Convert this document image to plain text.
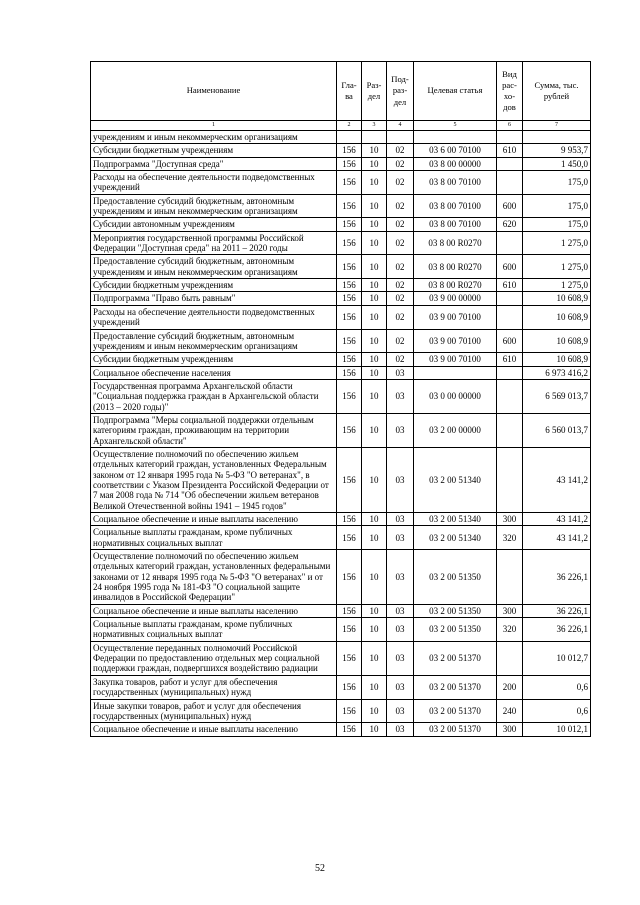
Наименование	Гла-ва	Раз-дел	Под-раз-дел	Целевая статья	Вид рас-хо-дов	Сумма, тыс. рублей
1	2	3	4	5	6	7
учреждениям и иным некоммерческим организациям						
Субсидии бюджетным учреждениям	156	10	02	03 6 00 70100	610	9 953,7
Подпрограмма "Доступная среда"	156	10	02	03 8 00 00000		1 450,0
Расходы на обеспечение деятельности подведомственных учреждений	156	10	02	03 8 00 70100		175,0
Предоставление субсидий бюджетным, автономным учреждениям и иным некоммерческим организациям	156	10	02	03 8 00 70100	600	175,0
Субсидии автономным учреждениям	156	10	02	03 8 00 70100	620	175,0
Мероприятия государственной программы Российской Федерации "Доступная среда" на 2011 – 2020 годы	156	10	02	03 8 00 R0270		1 275,0
Предоставление субсидий бюджетным, автономным учреждениям и иным некоммерческим организациям	156	10	02	03 8 00 R0270	600	1 275,0
Субсидии бюджетным учреждениям	156	10	02	03 8 00 R0270	610	1 275,0
Подпрограмма "Право быть равным"	156	10	02	03 9 00 00000		10 608,9
Расходы на обеспечение деятельности подведомственных учреждений	156	10	02	03 9 00 70100		10 608,9
Предоставление субсидий бюджетным, автономным учреждениям и иным некоммерческим организациям	156	10	02	03 9 00 70100	600	10 608,9
Субсидии бюджетным учреждениям	156	10	02	03 9 00 70100	610	10 608,9
Социальное обеспечение населения	156	10	03			6 973 416,2
Государственная программа Архангельской области "Социальная поддержка граждан в Архангельской области (2013 – 2020 годы)"	156	10	03	03 0 00 00000		6 569 013,7
Подпрограмма "Меры социальной поддержки отдельным категориям граждан, проживающим на территории Архангельской области"	156	10	03	03 2 00 00000		6 560 013,7
Осуществление полномочий по обеспечению жильем отдельных категорий граждан, установленных Федеральным законом от 12 января 1995 года № 5-ФЗ "О ветеранах", в соответствии с Указом Президента Российской Федерации от 7 мая 2008 года № 714 "Об обеспечении жильем ветеранов Великой Отечественной войны 1941 – 1945 годов"	156	10	03	03 2 00 51340		43 141,2
Социальное обеспечение и иные выплаты населению	156	10	03	03 2 00 51340	300	43 141,2
Социальные выплаты гражданам, кроме публичных нормативных социальных выплат	156	10	03	03 2 00 51340	320	43 141,2
Осуществление полномочий по обеспечению жильем отдельных категорий граждан, установленных федеральными законами от 12 января 1995 года № 5-ФЗ "О ветеранах" и от 24 ноября 1995 года № 181-ФЗ "О социальной защите инвалидов в Российской Федерации"	156	10	03	03 2 00 51350		36 226,1
Социальное обеспечение и иные выплаты населению	156	10	03	03 2 00 51350	300	36 226,1
Социальные выплаты гражданам, кроме публичных нормативных социальных выплат	156	10	03	03 2 00 51350	320	36 226,1
Осуществление переданных полномочий Российской Федерации по предоставлению отдельных мер социальной поддержки граждан, подвергшихся воздействию радиации	156	10	03	03 2 00 51370		10 012,7
Закупка товаров, работ и услуг для обеспечения государственных (муниципальных) нужд	156	10	03	03 2 00 51370	200	0,6
Иные закупки товаров, работ и услуг для обеспечения государственных (муниципальных) нужд	156	10	03	03 2 00 51370	240	0,6
Социальное обеспечение и иные выплаты населению	156	10	03	03 2 00 51370	300	10 012,1
52
